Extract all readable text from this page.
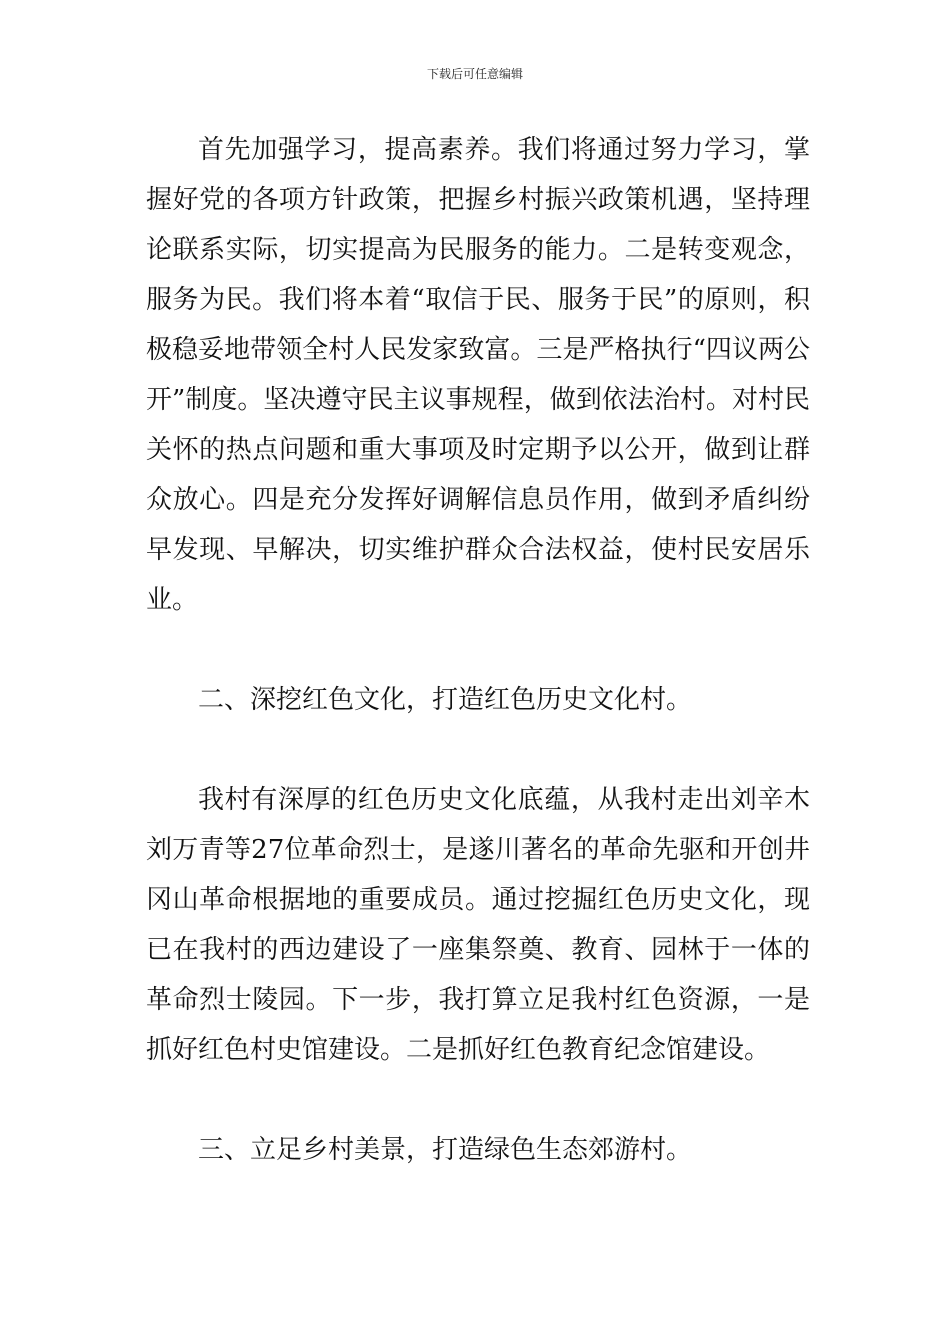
下载后可任意编辑

首先加强学习，提高素养。我们将通过努力学习，掌握好党的各项方针政策，把握乡村振兴政策机遇，坚持理论联系实际，切实提高为民服务的能力。二是转变观念，服务为民。我们将本着“取信于民、服务于民”的原则，积极稳妥地带领全村人民发家致富。三是严格执行“四议两公开”制度。坚决遵守民主议事规程，做到依法治村。对村民关怀的热点问题和重大事项及时定期予以公开，做到让群众放心。四是充分发挥好调解信息员作用，做到矛盾纠纷早发现、早解决，切实维护群众合法权益，使村民安居乐业。

二、深挖红色文化，打造红色历史文化村。

我村有深厚的红色历史文化底蕴，从我村走出刘辛木刘万青等27位革命烈士，是遂川著名的革命先驱和开创井冈山革命根据地的重要成员。通过挖掘红色历史文化，现已在我村的西边建设了一座集祭奠、教育、园林于一体的革命烈士陵园。下一步，我打算立足我村红色资源，一是抓好红色村史馆建设。二是抓好红色教育纪念馆建设。

三、立足乡村美景，打造绿色生态郊游村。
